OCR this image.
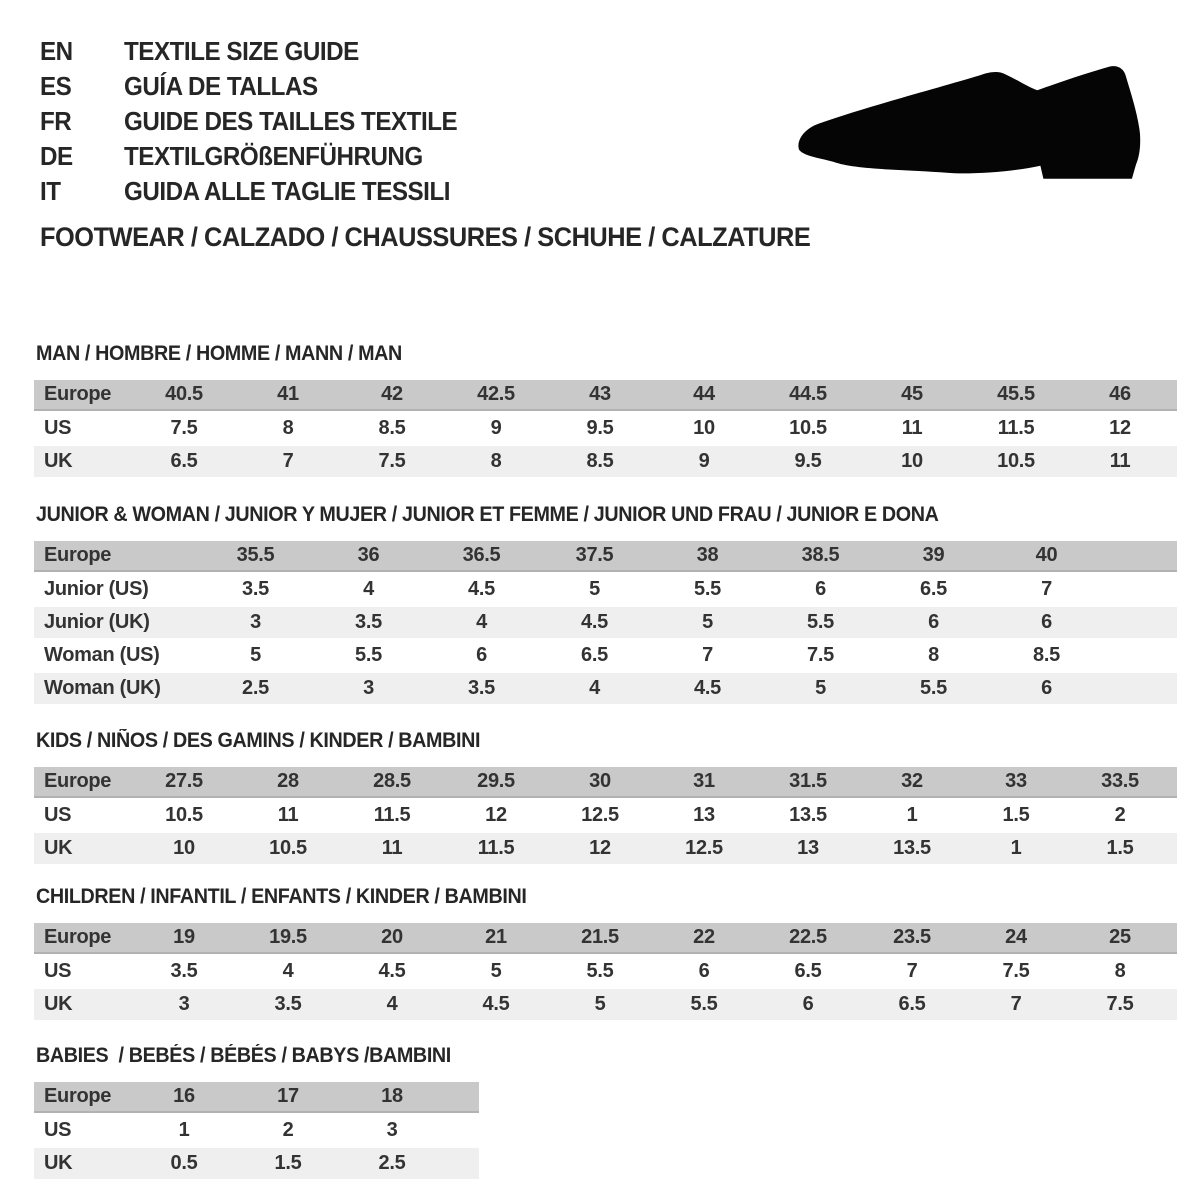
EN	TEXTILE SIZE GUIDE
ES	GUÍA DE TALLAS
FR	GUIDE DES TAILLES TEXTILE
DE	TEXTILGRÖßENFÜHRUNG
IT	GUIDA ALLE TAGLIE TESSILI
FOOTWEAR / CALZADO / CHAUSSURES / SCHUHE / CALZATURE
MAN / HOMBRE / HOMME / MANN / MAN
Europe	40.5	41	42	42.5	43	44	44.5	45	45.5	46
US	7.5	8	8.5	9	9.5	10	10.5	11	11.5	12
UK	6.5	7	7.5	8	8.5	9	9.5	10	10.5	11
JUNIOR & WOMAN / JUNIOR Y MUJER / JUNIOR ET FEMME / JUNIOR UND FRAU / JUNIOR E DONA
Europe	35.5	36	36.5	37.5	38	38.5	39	40
Junior (US)	3.5	4	4.5	5	5.5	6	6.5	7
Junior (UK)	3	3.5	4	4.5	5	5.5	6	6
Woman (US)	5	5.5	6	6.5	7	7.5	8	8.5
Woman (UK)	2.5	3	3.5	4	4.5	5	5.5	6
KIDS / NIÑOS / DES GAMINS / KINDER / BAMBINI
Europe	27.5	28	28.5	29.5	30	31	31.5	32	33	33.5
US	10.5	11	11.5	12	12.5	13	13.5	1	1.5	2
UK	10	10.5	11	11.5	12	12.5	13	13.5	1	1.5
CHILDREN / INFANTIL / ENFANTS / KINDER / BAMBINI
Europe	19	19.5	20	21	21.5	22	22.5	23.5	24	25
US	3.5	4	4.5	5	5.5	6	6.5	7	7.5	8
UK	3	3.5	4	4.5	5	5.5	6	6.5	7	7.5
BABIES  / BEBÉS / BÉBÉS / BABYS /BAMBINI
Europe	16	17	18
US	1	2	3
UK	0.5	1.5	2.5
